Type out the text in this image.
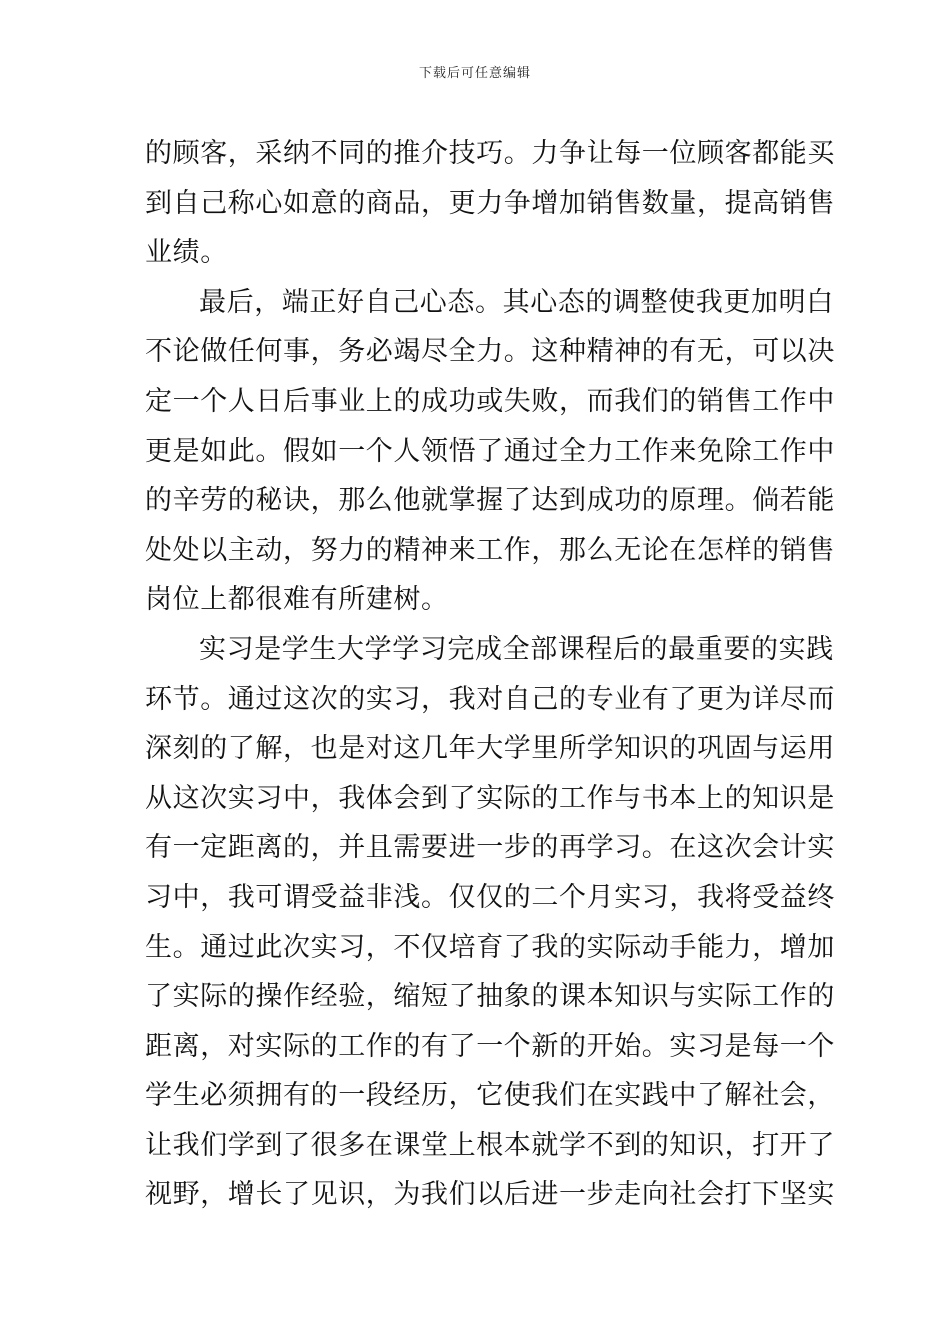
下载后可任意编辑
的顾客，采纳不同的推介技巧。力争让每一位顾客都能买
到自己称心如意的商品，更力争增加销售数量，提高销售
业绩。
最后，端正好自己心态。其心态的调整使我更加明白
不论做任何事，务必竭尽全力。这种精神的有无，可以决
定一个人日后事业上的成功或失败，而我们的销售工作中
更是如此。假如一个人领悟了通过全力工作来免除工作中
的辛劳的秘诀，那么他就掌握了达到成功的原理。倘若能
处处以主动，努力的精神来工作，那么无论在怎样的销售
岗位上都很难有所建树。
实习是学生大学学习完成全部课程后的最重要的实践
环节。通过这次的实习，我对自己的专业有了更为详尽而
深刻的了解，也是对这几年大学里所学知识的巩固与运用
从这次实习中，我体会到了实际的工作与书本上的知识是
有一定距离的，并且需要进一步的再学习。在这次会计实
习中，我可谓受益非浅。仅仅的二个月实习，我将受益终
生。通过此次实习，不仅培育了我的实际动手能力，增加
了实际的操作经验，缩短了抽象的课本知识与实际工作的
距离，对实际的工作的有了一个新的开始。实习是每一个
学生必须拥有的一段经历，它使我们在实践中了解社会，
让我们学到了很多在课堂上根本就学不到的知识，打开了
视野，增长了见识，为我们以后进一步走向社会打下坚实
